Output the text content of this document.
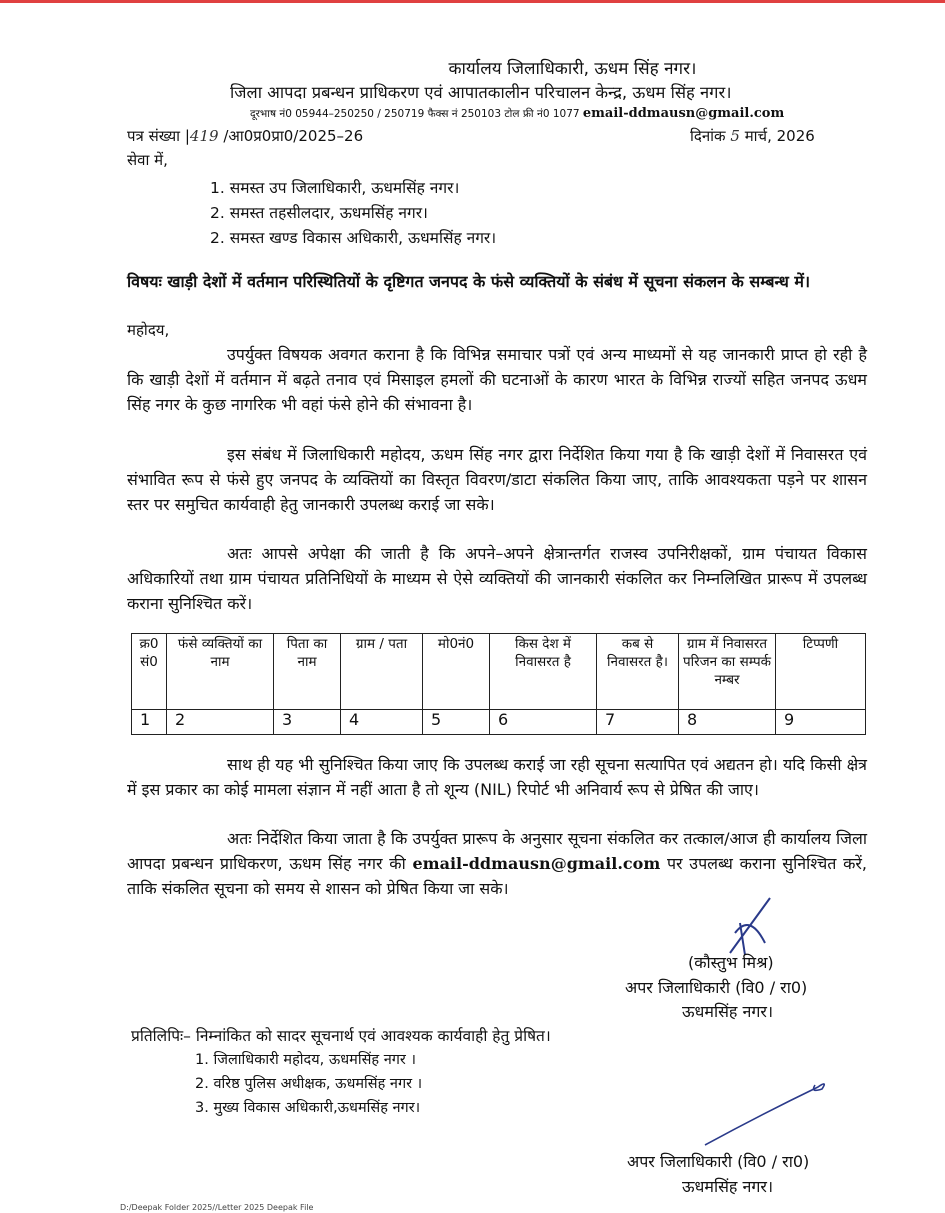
कार्यालय जिलाधिकारी, ऊधम सिंह नगर।
जिला आपदा प्रबन्धन प्राधिकरण एवं आपातकालीन परिचालन केन्द्र, ऊधम सिंह नगर।
दूरभाष नं0 05944–250250 / 250719 फैक्स नं 250103 टोल फ्री नं0 1077 email-ddmausn@gmail.com
पत्र संख्या |419 /आ0प्र0प्रा0/2025–26	दिनांक 5 मार्च, 2026
सेवा में,
1. समस्त उप जिलाधिकारी, ऊधमसिंह नगर।
2. समस्त तहसीलदार, ऊधमसिंह नगर।
2. समस्त खण्ड विकास अधिकारी, ऊधमसिंह नगर।
विषयः खाड़ी देशों में वर्तमान परिस्थितियों के दृष्टिगत जनपद के फंसे व्यक्तियों के संबंध में सूचना संकलन के सम्बन्ध में।
महोदय,
उपर्युक्त विषयक अवगत कराना है कि विभिन्न समाचार पत्रों एवं अन्य माध्यमों से यह जानकारी प्राप्त हो रही है कि खाड़ी देशों में वर्तमान में बढ़ते तनाव एवं मिसाइल हमलों की घटनाओं के कारण भारत के विभिन्न राज्यों सहित जनपद ऊधम सिंह नगर के कुछ नागरिक भी वहां फंसे होने की संभावना है।
इस संबंध में जिलाधिकारी महोदय, ऊधम सिंह नगर द्वारा निर्देशित किया गया है कि खाड़ी देशों में निवासरत एवं संभावित रूप से फंसे हुए जनपद के व्यक्तियों का विस्तृत विवरण/डाटा संकलित किया जाए, ताकि आवश्यकता पड़ने पर शासन स्तर पर समुचित कार्यवाही हेतु जानकारी उपलब्ध कराई जा सके।
अतः आपसे अपेक्षा की जाती है कि अपने–अपने क्षेत्रान्तर्गत राजस्व उपनिरीक्षकों, ग्राम पंचायत विकास अधिकारियों तथा ग्राम पंचायत प्रतिनिधियों के माध्यम से ऐसे व्यक्तियों की जानकारी संकलित कर निम्नलिखित प्रारूप में उपलब्ध कराना सुनिश्चित करें।
क्र0 सं0	फंसे व्यक्तियों का नाम	पिता का नाम	ग्राम / पता	मो0नं0	किस देश में निवासरत है	कब से निवासरत है।	ग्राम में निवासरत परिजन का सम्पर्क नम्बर	टिप्पणी
1	2	3	4	5	6	7	8	9
साथ ही यह भी सुनिश्चित किया जाए कि उपलब्ध कराई जा रही सूचना सत्यापित एवं अद्यतन हो। यदि किसी क्षेत्र में इस प्रकार का कोई मामला संज्ञान में नहीं आता है तो शून्य (NIL) रिपोर्ट भी अनिवार्य रूप से प्रेषित की जाए।
अतः निर्देशित किया जाता है कि उपर्युक्त प्रारूप के अनुसार सूचना संकलित कर तत्काल/आज ही कार्यालय जिला आपदा प्रबन्धन प्राधिकरण, ऊधम सिंह नगर की email-ddmausn@gmail.com पर उपलब्ध कराना सुनिश्चित करें, ताकि संकलित सूचना को समय से शासन को प्रेषित किया जा सके।
(कौस्तुभ मिश्र)
अपर जिलाधिकारी (वि0 / रा0)
ऊधमसिंह नगर।
प्रतिलिपिः– निम्नांकित को सादर सूचनार्थ एवं आवश्यक कार्यवाही हेतु प्रेषित।
1. जिलाधिकारी महोदय, ऊधमसिंह नगर ।
2. वरिष्ठ पुलिस अधीक्षक, ऊधमसिंह नगर ।
3. मुख्य विकास अधिकारी,ऊधमसिंह नगर।
अपर जिलाधिकारी (वि0 / रा0)
ऊधमसिंह नगर।
D:/Deepak Folder 2025//Letter 2025 Deepak File
